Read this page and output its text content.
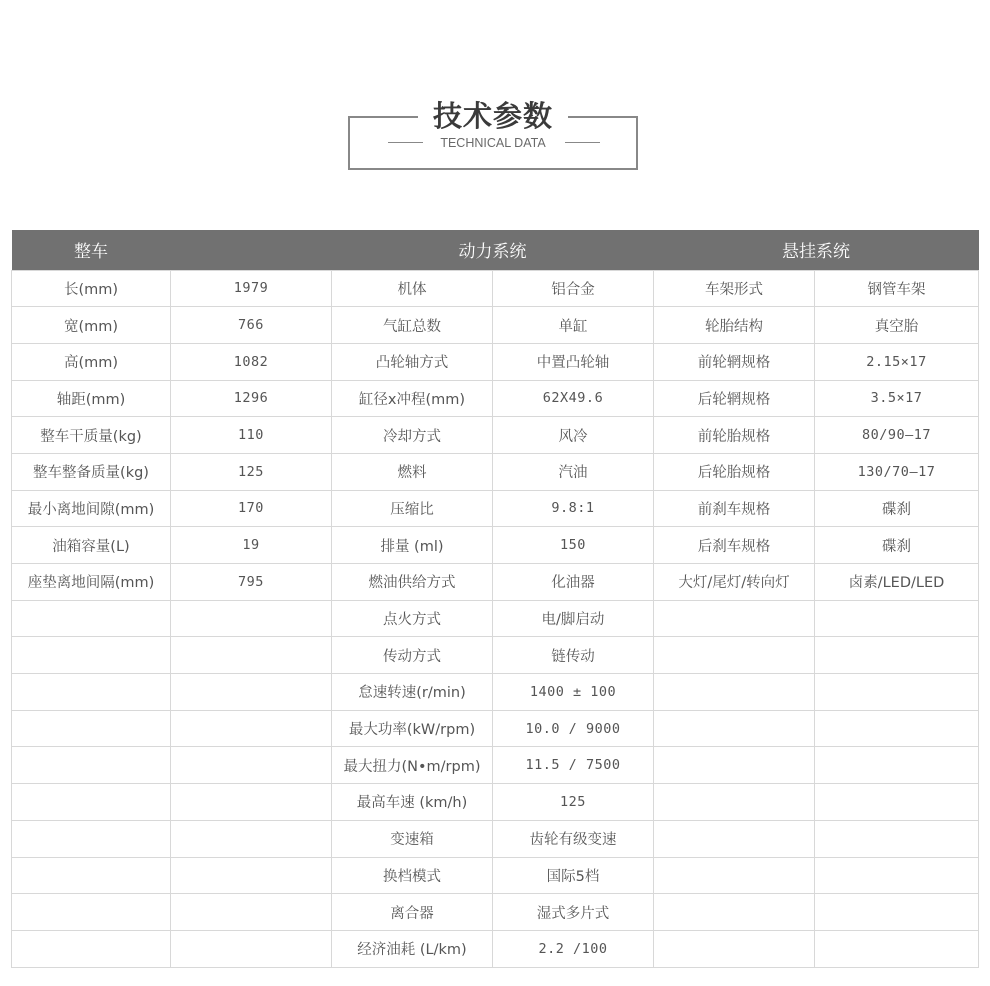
技术参数
TECHNICAL DATA
整车		动力系统		悬挂系统	
长(mm)	1979	机体	铝合金	车架形式	钢管车架
宽(mm)	766	气缸总数	单缸	轮胎结构	真空胎
高(mm)	1082	凸轮轴方式	中置凸轮轴	前轮辋规格	2.15×17
轴距(mm)	1296	缸径x冲程(mm)	62X49.6	后轮辋规格	3.5×17
整车干质量(kg)	110	冷却方式	风冷	前轮胎规格	80/90—17
整车整备质量(kg)	125	燃料	汽油	后轮胎规格	130/70—17
最小离地间隙(mm)	170	压缩比	9.8:1	前刹车规格	碟刹
油箱容量(L)	19	排量 (ml)	150	后刹车规格	碟刹
座垫离地间隔(mm)	795	燃油供给方式	化油器	大灯/尾灯/转向灯	卤素/LED/LED
		点火方式	电/脚启动		
		传动方式	链传动		
		怠速转速(r/min)	1400 ± 100		
		最大功率(kW/rpm)	10.0 / 9000		
		最大扭力(N•m/rpm)	11.5 / 7500		
		最高车速 (km/h)	125		
		变速箱	齿轮有级变速		
		换档模式	国际5档		
		离合器	湿式多片式		
		经济油耗 (L/km)	2.2 /100		
